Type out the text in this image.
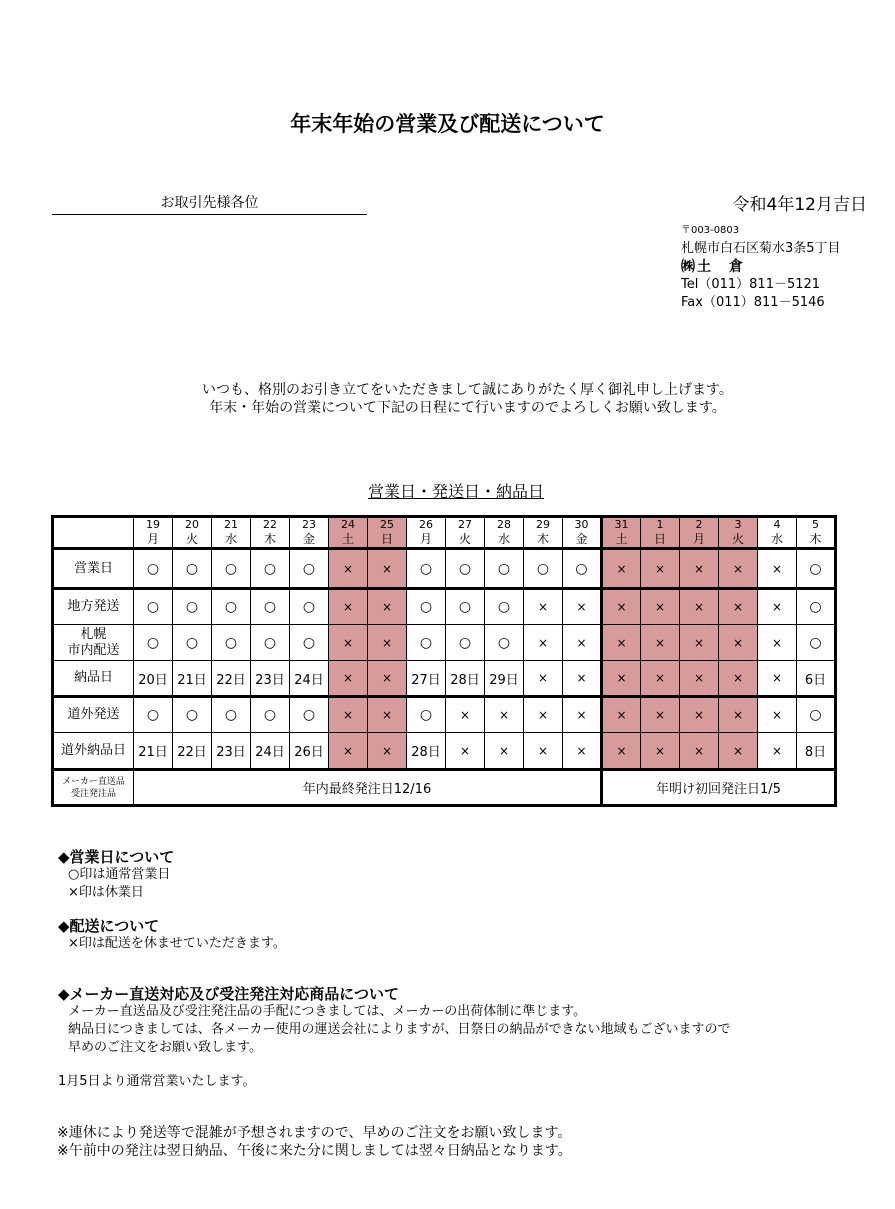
年末年始の営業及び配送について
お取引先様各位	令和4年12月吉日
〒003-0803
札幌市白石区菊水3条5丁目
㈱土　倉
Tel（011）811－5121
Fax（011）811－5146
いつも、格別のお引き立てをいただきまして誠にありがたく厚く御礼申し上げます。
年末・年始の営業について下記の日程にて行いますのでよろしくお願い致します。
営業日・発送日・納品日
	19	20	21	22	23	24	25	26	27	28	29	30	31	1	2	3	4	5
	月	火	水	木	金	土	日	月	火	水	木	金	土	日	月	火	水	木
営業日	○	○	○	○	○	×	×	○	○	○	○	○	×	×	×	×	×	○
地方発送	○	○	○	○	○	×	×	○	○	○	×	×	×	×	×	×	×	○
札幌
市内配送	○	○	○	○	○	×	×	○	○	○	×	×	×	×	×	×	×	○
納品日	20日	21日	22日	23日	24日	×	×	27日	28日	29日	×	×	×	×	×	×	×	6日
道外発送	○	○	○	○	○	×	×	○	×	×	×	×	×	×	×	×	×	○
道外納品日	21日	22日	23日	24日	26日	×	×	28日	×	×	×	×	×	×	×	×	×	8日
メーカー直送品
受注発注品	年内最終発注日12/16												年明け初回発注日1/5					
◆営業日について
○印は通常営業日
×印は休業日
◆配送について
×印は配送を休ませていただきます。
◆メーカー直送対応及び受注発注対応商品について
メーカー直送品及び受注発注品の手配につきましては、メーカーの出荷体制に準じます。
納品日につきましては、各メーカー使用の運送会社によりますが、日祭日の納品ができない地域もございますので
早めのご注文をお願い致します。
1月5日より通常営業いたします。
※連休により発送等で混雑が予想されますので、早めのご注文をお願い致します。
※午前中の発注は翌日納品、午後に来た分に関しましては翌々日納品となります。
